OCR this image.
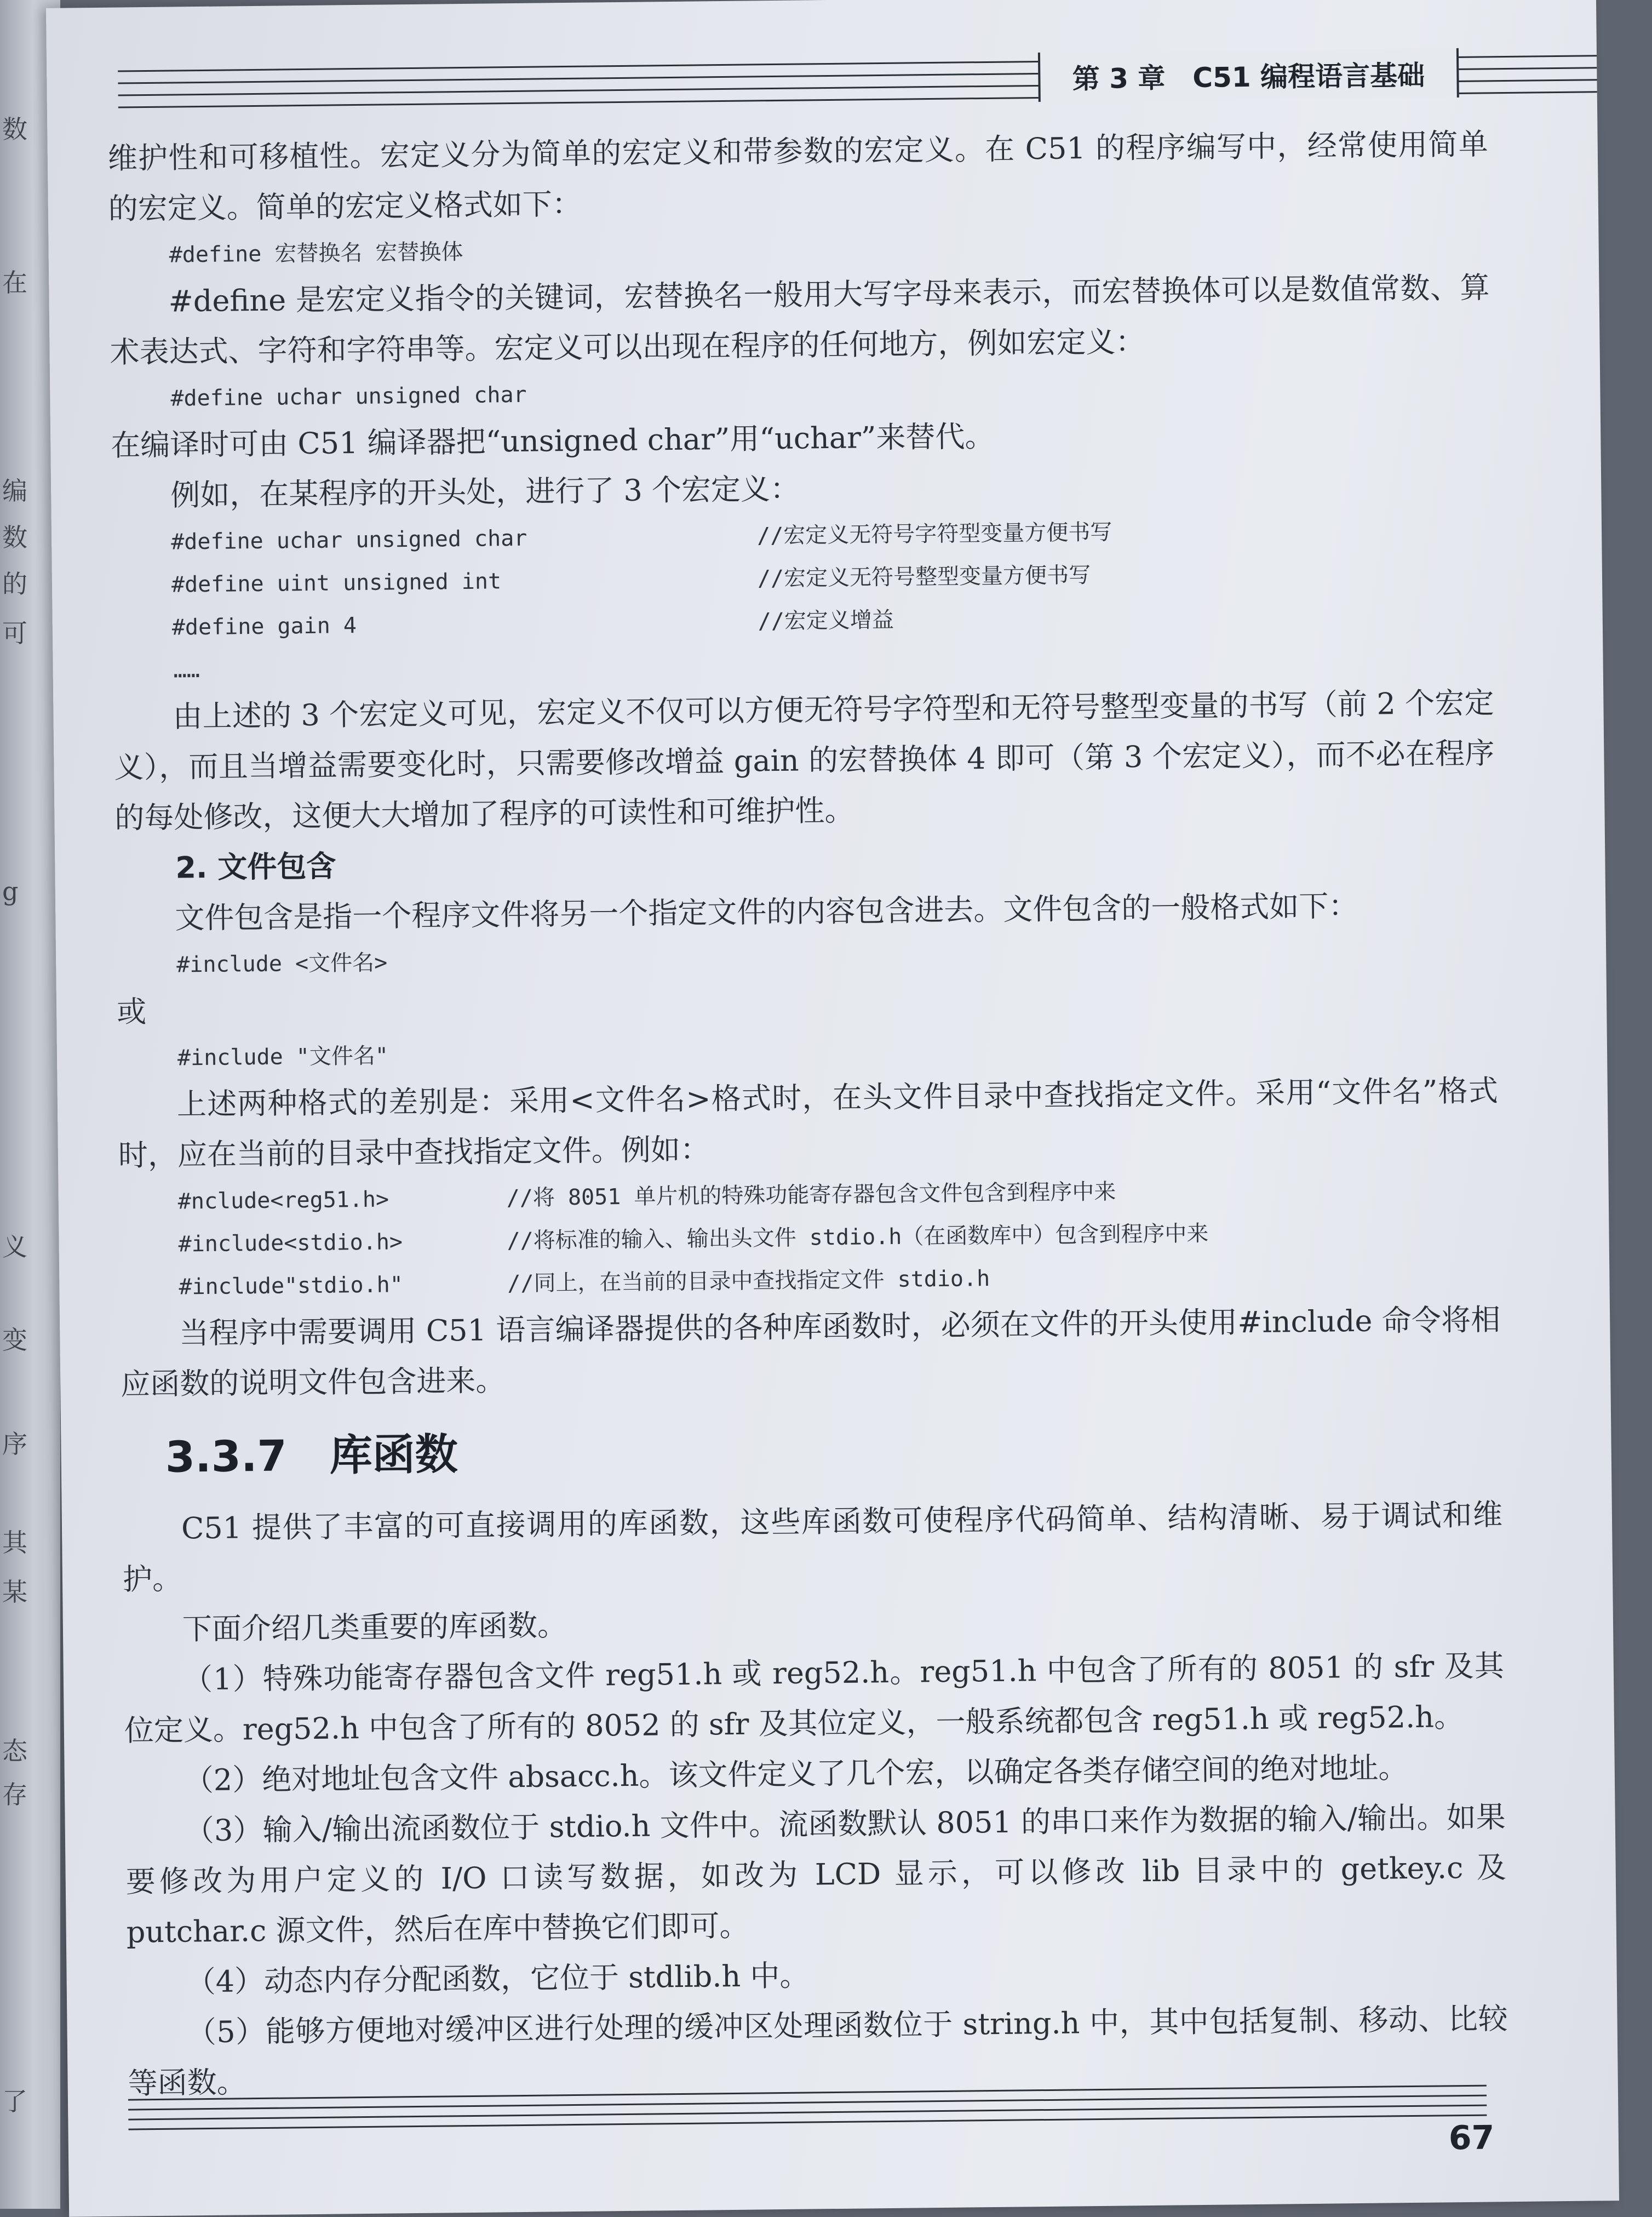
数
在
编
数
的
可
g
义
变
序
其
某
态
存
了
第 3 章　C51 编程语言基础

维护性和可移植性。宏定义分为简单的宏定义和带参数的宏定义。在 C51 的程序编写中，经常使用简单的宏定义。简单的宏定义格式如下：

#define 宏替换名 宏替换体

#define 是宏定义指令的关键词，宏替换名一般用大写字母来表示，而宏替换体可以是数值常数、算术表达式、字符和字符串等。宏定义可以出现在程序的任何地方，例如宏定义：

#define uchar unsigned char

在编译时可由 C51 编译器把“unsigned char”用“uchar”来替代。

例如，在某程序的开头处，进行了 3 个宏定义：

#define uchar unsigned char	//宏定义无符号字符型变量方便书写
#define uint unsigned int	//宏定义无符号整型变量方便书写
#define gain 4	//宏定义增益

……

由上述的 3 个宏定义可见，宏定义不仅可以方便无符号字符型和无符号整型变量的书写（前 2 个宏定义），而且当增益需要变化时，只需要修改增益 gain 的宏替换体 4 即可（第 3 个宏定义），而不必在程序的每处修改，这便大大增加了程序的可读性和可维护性。

2. 文件包含

文件包含是指一个程序文件将另一个指定文件的内容包含进去。文件包含的一般格式如下：

#include <文件名>

或

#include "文件名"

上述两种格式的差别是：采用<文件名>格式时，在头文件目录中查找指定文件。采用“文件名”格式时，应在当前的目录中查找指定文件。例如：

#nclude<reg51.h>	//将 8051 单片机的特殊功能寄存器包含文件包含到程序中来
#include<stdio.h>	//将标准的输入、输出头文件 stdio.h（在函数库中）包含到程序中来
#include"stdio.h"	//同上，在当前的目录中查找指定文件 stdio.h

当程序中需要调用 C51 语言编译器提供的各种库函数时，必须在文件的开头使用#include 命令将相应函数的说明文件包含进来。

3.3.7　库函数

C51 提供了丰富的可直接调用的库函数，这些库函数可使程序代码简单、结构清晰、易于调试和维护。

下面介绍几类重要的库函数。

（1）特殊功能寄存器包含文件 reg51.h 或 reg52.h。reg51.h 中包含了所有的 8051 的 sfr 及其位定义。reg52.h 中包含了所有的 8052 的 sfr 及其位定义，一般系统都包含 reg51.h 或 reg52.h。

（2）绝对地址包含文件 absacc.h。该文件定义了几个宏，以确定各类存储空间的绝对地址。

（3）输入/输出流函数位于 stdio.h 文件中。流函数默认 8051 的串口来作为数据的输入/输出。如果要修改为用户定义的 I/O 口读写数据，如改为 LCD 显示，可以修改 lib 目录中的 getkey.c 及 putchar.c 源文件，然后在库中替换它们即可。

（4）动态内存分配函数，它位于 stdlib.h 中。

（5）能够方便地对缓冲区进行处理的缓冲区处理函数位于 string.h 中，其中包括复制、移动、比较等函数。

67
